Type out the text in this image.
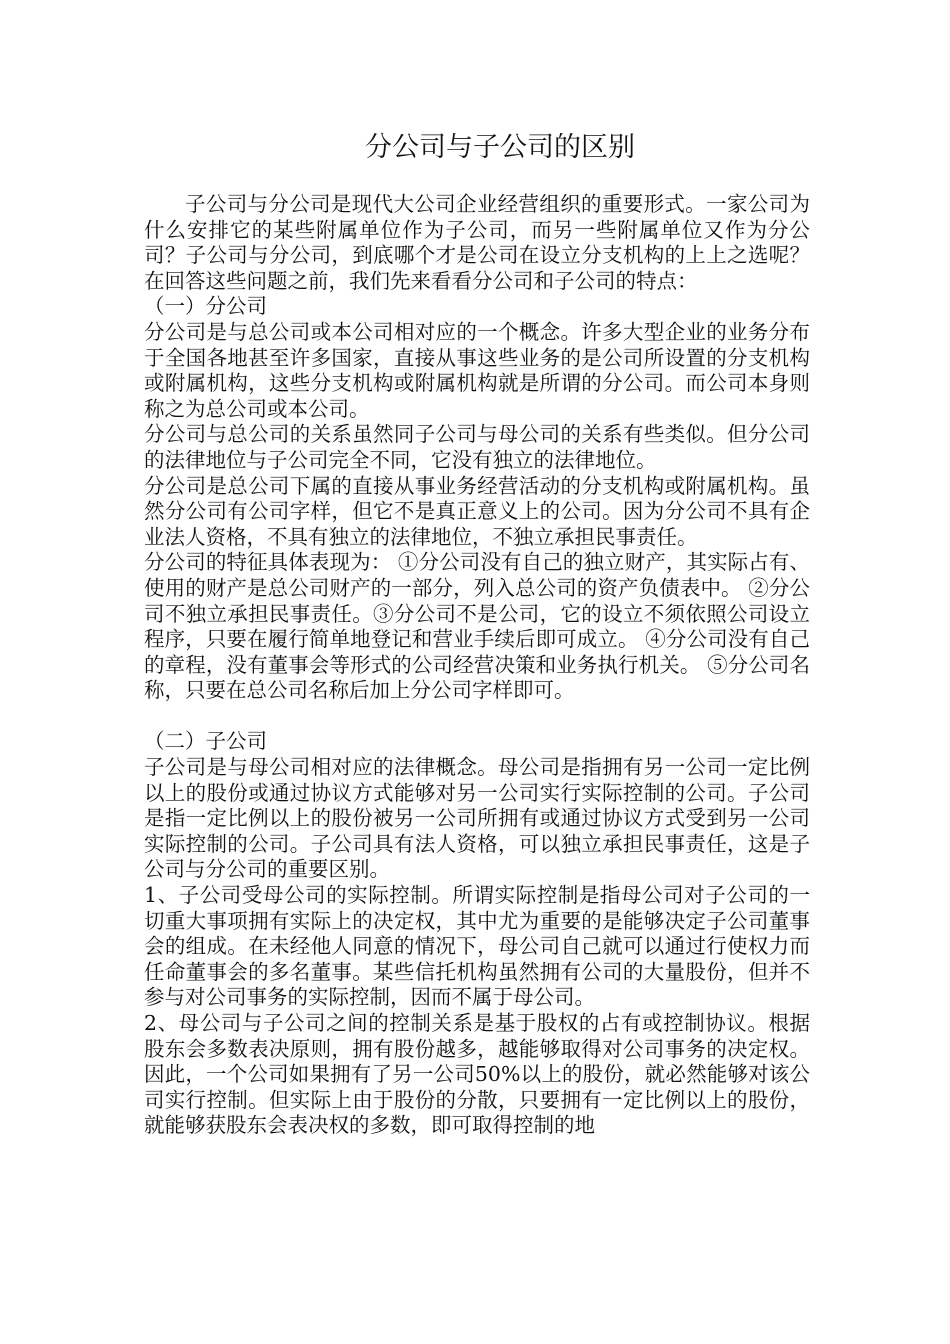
分公司与子公司的区别

子公司与分公司是现代大公司企业经营组织的重要形式。一家公司为什么安排它的某些附属单位作为子公司，而另一些附属单位又作为分公司？子公司与分公司，到底哪个才是公司在设立分支机构的上上之选呢？在回答这些问题之前，我们先来看看分公司和子公司的特点：

（一）分公司

分公司是与总公司或本公司相对应的一个概念。许多大型企业的业务分布于全国各地甚至许多国家，直接从事这些业务的是公司所设置的分支机构或附属机构，这些分支机构或附属机构就是所谓的分公司。而公司本身则称之为总公司或本公司。

分公司与总公司的关系虽然同子公司与母公司的关系有些类似。但分公司的法律地位与子公司完全不同，它没有独立的法律地位。

分公司是总公司下属的直接从事业务经营活动的分支机构或附属机构。虽然分公司有公司字样，但它不是真正意义上的公司。因为分公司不具有企业法人资格，不具有独立的法律地位，不独立承担民事责任。

分公司的特征具体表现为： ①分公司没有自己的独立财产，其实际占有、使用的财产是总公司财产的一部分，列入总公司的资产负债表中。 ②分公司不独立承担民事责任。③分公司不是公司，它的设立不须依照公司设立程序，只要在履行简单地登记和营业手续后即可成立。 ④分公司没有自己的章程，没有董事会等形式的公司经营决策和业务执行机关。 ⑤分公司名称，只要在总公司名称后加上分公司字样即可。

（二）子公司

子公司是与母公司相对应的法律概念。母公司是指拥有另一公司一定比例以上的股份或通过协议方式能够对另一公司实行实际控制的公司。子公司是指一定比例以上的股份被另一公司所拥有或通过协议方式受到另一公司实际控制的公司。子公司具有法人资格，可以独立承担民事责任，这是子公司与分公司的重要区别。

1、子公司受母公司的实际控制。所谓实际控制是指母公司对子公司的一切重大事项拥有实际上的决定权，其中尤为重要的是能够决定子公司董事会的组成。在未经他人同意的情况下，母公司自己就可以通过行使权力而任命董事会的多名董事。某些信托机构虽然拥有公司的大量股份，但并不参与对公司事务的实际控制，因而不属于母公司。

2、母公司与子公司之间的控制关系是基于股权的占有或控制协议。根据股东会多数表决原则，拥有股份越多，越能够取得对公司事务的决定权。因此，一个公司如果拥有了另一公司50%以上的股份，就必然能够对该公司实行控制。但实际上由于股份的分散，只要拥有一定比例以上的股份，就能够获股东会表决权的多数，即可取得控制的地
